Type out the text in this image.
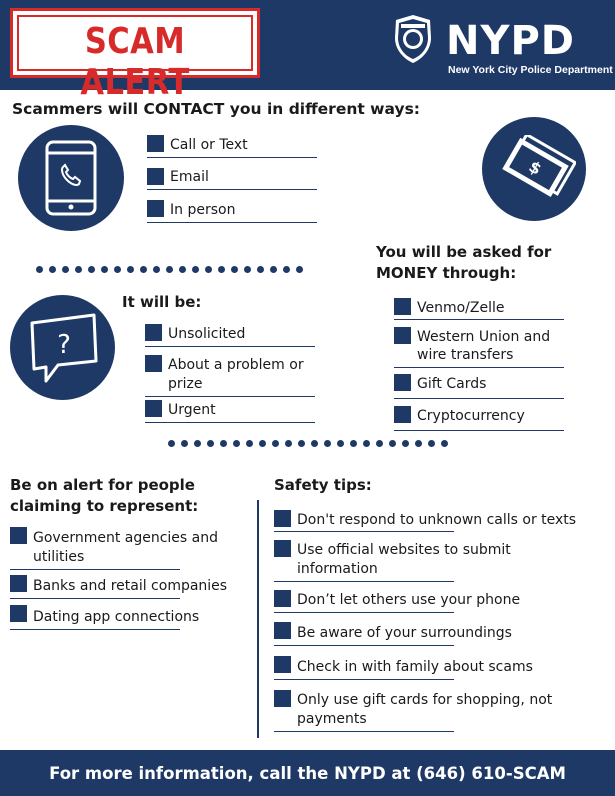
SCAM ALERT
NYPD
New York City Police Department
Scammers will CONTACT you in different ways:
Call or Text
Email
In person
$
You will be asked for
MONEY through:
Venmo/Zelle
Western Union and
wire transfers
Gift Cards
Cryptocurrency
It will be:
?	Unsolicited
About a problem or
prize
Urgent
Be on alert for people
claiming to represent:
Government agencies and
utilities
Banks and retail companies
Dating app connections
Safety tips:
Don't respond to unknown calls or texts
Use official websites to submit
information
Don’t let others use your phone
Be aware of your surroundings
Check in with family about scams
Only use gift cards for shopping, not
payments
For more information, call the NYPD at (646) 610-SCAM
